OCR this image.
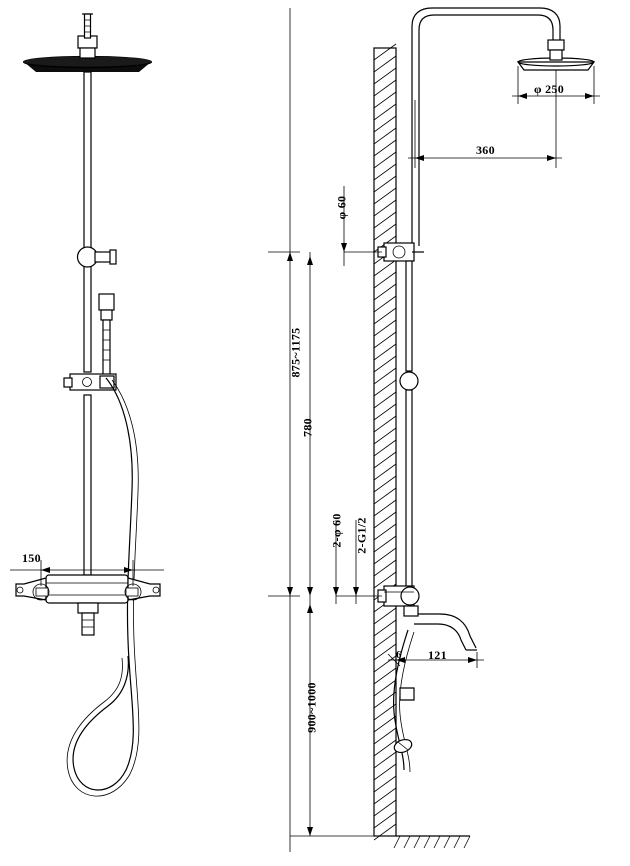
150
φ 250
360
φ 60
875~1175
780
2-φ 60 2-G1/2
121
6
900~1000
